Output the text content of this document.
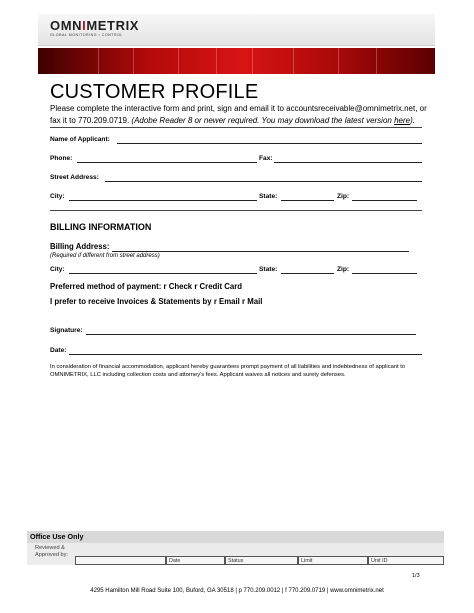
OMNIMETRIX
GLOBAL MONITORING • CONTROL
CUSTOMER PROFILE
Please complete the interactive form and print, sign and email it to accountsreceivable@omnimetrix.net, or fax it to 770.209.0719. (Adobe Reader 8 or newer required. You may download the latest version here).
Name of Applicant:
Phone:	Fax:
Street Address:
City:	State:	Zip:
BILLING INFORMATION
Billing Address:
(Required if different from street address)
City:	State:	Zip:
Preferred method of payment: r Check r Credit Card
I prefer to receive Invoices & Statements by r Email r Mail
Signature:
Date:
In consideration of financial accommodation, applicant hereby guarantees prompt payment of all liabilities and indebtedness of applicant to OMNIMETRIX, LLC including collection costs and attorney's fees. Applicant waives all notices and surety defenses.
Office Use Only
Reviewed &
Approved by:
Date	Status	Limit	Unit ID
1/3
4295 Hamilton Mill Road Suite 100, Buford, GA 30518 | p 770.209.0012 | f 770.209.0719 | www.omnimetrix.net
